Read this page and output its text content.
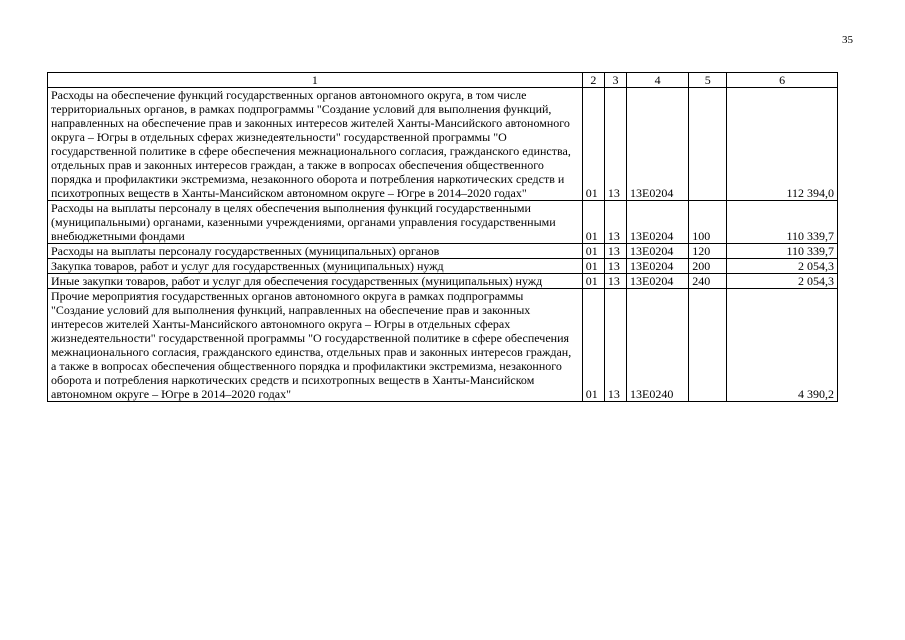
35
1	2	3	4	5	6
Расходы на обеспечение функций государственных органов автономного округа, в том числе территориальных органов, в рамках подпрограммы "Создание условий для выполнения функций, направленных на обеспечение прав и законных интересов жителей Ханты-Мансийского автономного округа – Югры в отдельных сферах жизнедеятельности" государственной программы "О государственной политике в сфере обеспечения межнационального согласия, гражданского единства, отдельных прав и законных интересов граждан, а также в вопросах обеспечения общественного порядка и профилактики экстремизма, незаконного оборота и потребления наркотических средств и психотропных веществ в Ханты-Мансийском автономном округе – Югре в 2014–2020 годах"	01	13	13Е0204		112 394,0
Расходы на выплаты персоналу в целях обеспечения выполнения функций государственными (муниципальными) органами, казенными учреждениями, органами управления государственными внебюджетными фондами	01	13	13Е0204	100	110 339,7
Расходы на выплаты персоналу государственных (муниципальных) органов	01	13	13Е0204	120	110 339,7
Закупка товаров, работ и услуг для государственных (муниципальных) нужд	01	13	13Е0204	200	2 054,3
Иные закупки товаров, работ и услуг для обеспечения государственных (муниципальных) нужд	01	13	13Е0204	240	2 054,3
Прочие мероприятия государственных органов автономного округа в рамках подпрограммы "Создание условий для выполнения функций, направленных на обеспечение прав и законных интересов жителей Ханты-Мансийского автономного округа – Югры в отдельных сферах жизнедеятельности" государственной программы "О государственной политике в сфере обеспечения межнационального согласия, гражданского единства, отдельных прав и законных интересов граждан, а также в вопросах обеспечения общественного порядка и профилактики экстремизма, незаконного оборота и потребления наркотических средств и психотропных веществ в Ханты-Мансийском автономном округе – Югре в 2014–2020 годах"	01	13	13Е0240		4 390,2
